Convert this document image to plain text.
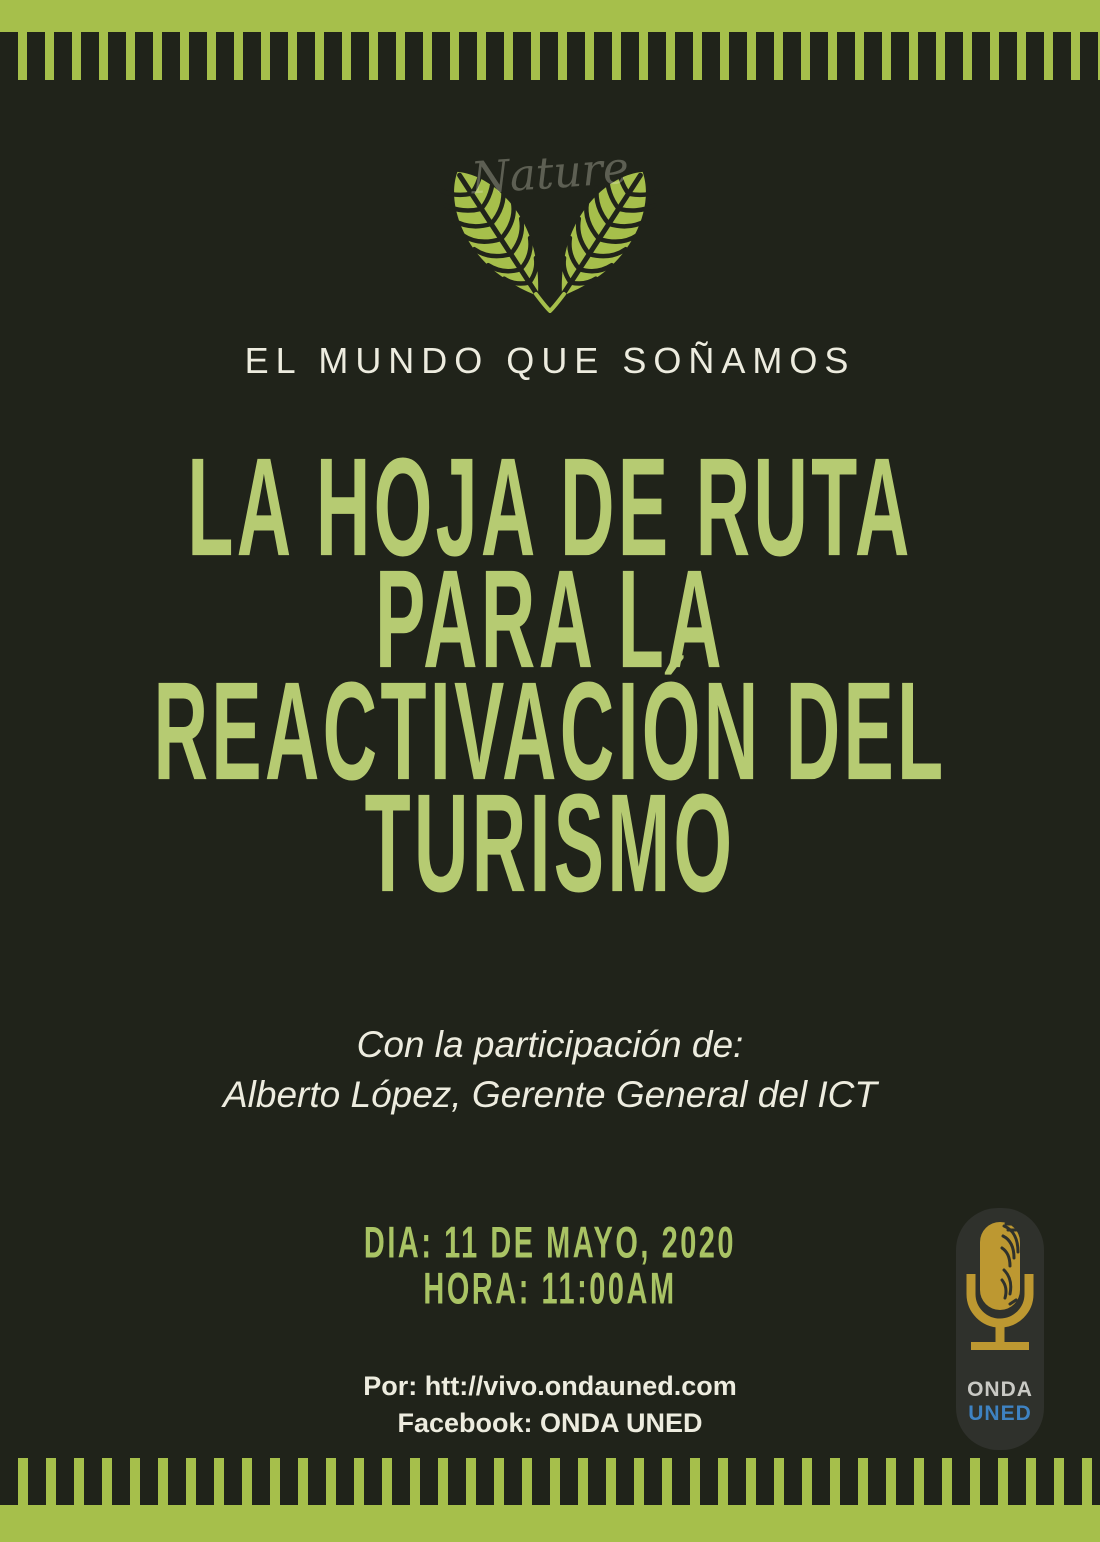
Nature
EL MUNDO QUE SOÑAMOS
LA HOJA DE RUTA
PARA LA
REACTIVACIÓN DEL
TURISMO
Con la participación de:
Alberto López, Gerente General del ICT
DIA: 11 DE MAYO, 2020
HORA: 11:00AM
Por: htt://vivo.ondauned.com
Facebook: ONDA UNED
ONDA
UNED
